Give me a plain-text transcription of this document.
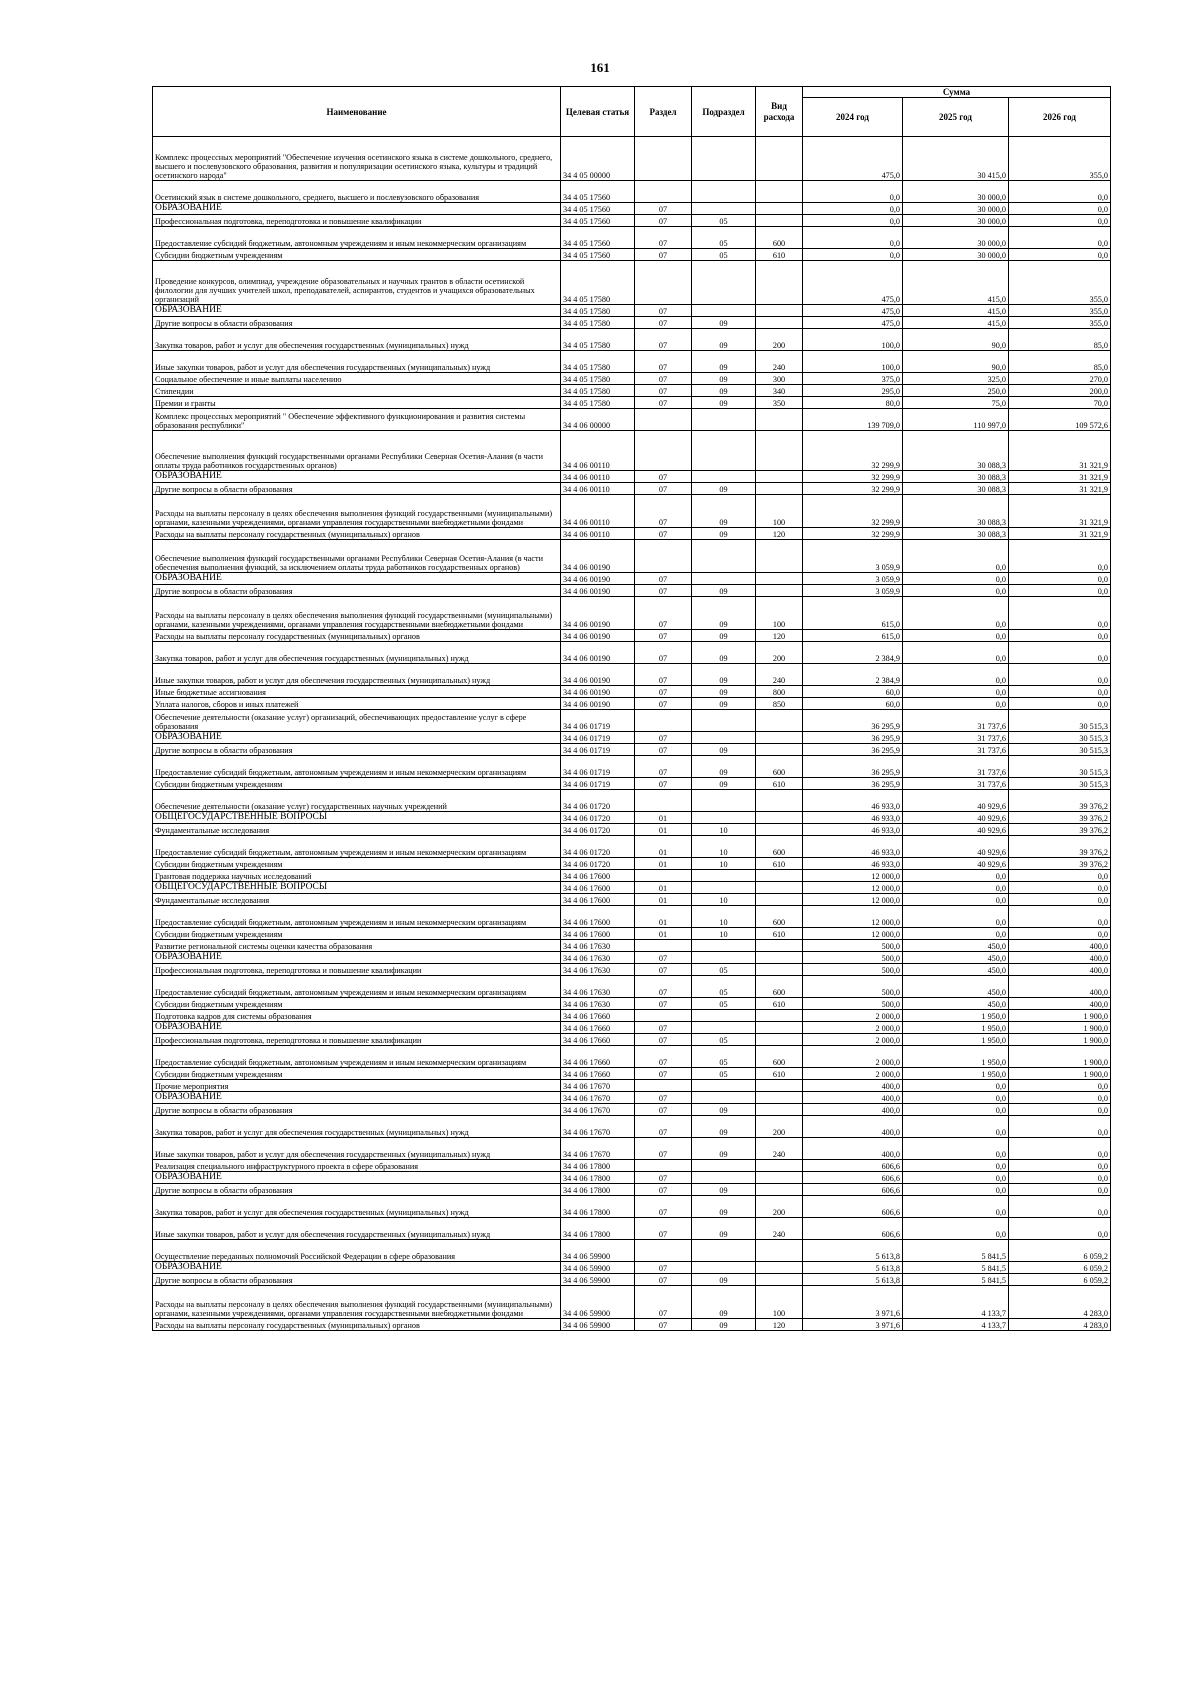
161
Наименование	Целевая статья	Раздел	Подраздел	Вид расхода	Сумма		
					2024 год	2025 год	2026 год
Комплекс процессных мероприятий "Обеспечение изучения осетинского языка в системе дошкольного, среднего, высшего и послевузовского образования, развития и популяризации осетинского языка, культуры и традиций осетинского народа"	34 4 05 00000				475,0	30 415,0	355,0
Осетинский язык в системе дошкольного, среднего, высшего и послевузовского образования	34 4 05 17560				0,0	30 000,0	0,0
ОБРАЗОВАНИЕ	34 4 05 17560	07			0,0	30 000,0	0,0
Профессиональная подготовка, переподготовка и повышение квалификации	34 4 05 17560	07	05		0,0	30 000,0	0,0
Предоставление субсидий бюджетным, автономным учреждениям и иным некоммерческим организациям	34 4 05 17560	07	05	600	0,0	30 000,0	0,0
Субсидии бюджетным учреждениям	34 4 05 17560	07	05	610	0,0	30 000,0	0,0
Проведение конкурсов, олимпиад, учреждение образовательных и научных грантов в области осетинской филологии для лучших учителей школ, преподавателей, аспирантов, студентов и учащихся образовательных организаций	34 4 05 17580				475,0	415,0	355,0
ОБРАЗОВАНИЕ	34 4 05 17580	07			475,0	415,0	355,0
Другие вопросы в области образования	34 4 05 17580	07	09		475,0	415,0	355,0
Закупка товаров, работ и услуг для обеспечения государственных (муниципальных) нужд	34 4 05 17580	07	09	200	100,0	90,0	85,0
Иные закупки товаров, работ и услуг для обеспечения государственных (муниципальных) нужд	34 4 05 17580	07	09	240	100,0	90,0	85,0
Социальное обеспечение и иные выплаты населению	34 4 05 17580	07	09	300	375,0	325,0	270,0
Стипендии	34 4 05 17580	07	09	340	295,0	250,0	200,0
Премии и гранты	34 4 05 17580	07	09	350	80,0	75,0	70,0
Комплекс процессных мероприятий " Обеспечение эффективного функционирования и развития системы образования республики"	34 4 06 00000				139 709,0	110 997,0	109 572,6
Обеспечение выполнения функций государственными органами Республики Северная Осетия-Алания (в части оплаты труда работников государственных органов)	34 4 06 00110				32 299,9	30 088,3	31 321,9
ОБРАЗОВАНИЕ	34 4 06 00110	07			32 299,9	30 088,3	31 321,9
Другие вопросы в области образования	34 4 06 00110	07	09		32 299,9	30 088,3	31 321,9
Расходы на выплаты персоналу в целях обеспечения выполнения функций государственными (муниципальными) органами, казенными учреждениями, органами управления государственными внебюджетными фондами	34 4 06 00110	07	09	100	32 299,9	30 088,3	31 321,9
Расходы на выплаты персоналу государственных (муниципальных) органов	34 4 06 00110	07	09	120	32 299,9	30 088,3	31 321,9
Обеспечение выполнения функций государственными органами Республики Северная Осетия-Алания (в части обеспечения выполнения функций, за исключением оплаты труда работников государственных органов)	34 4 06 00190				3 059,9	0,0	0,0
ОБРАЗОВАНИЕ	34 4 06 00190	07			3 059,9	0,0	0,0
Другие вопросы в области образования	34 4 06 00190	07	09		3 059,9	0,0	0,0
Расходы на выплаты персоналу в целях обеспечения выполнения функций государственными (муниципальными) органами, казенными учреждениями, органами управления государственными внебюджетными фондами	34 4 06 00190	07	09	100	615,0	0,0	0,0
Расходы на выплаты персоналу государственных (муниципальных) органов	34 4 06 00190	07	09	120	615,0	0,0	0,0
Закупка товаров, работ и услуг для обеспечения государственных (муниципальных) нужд	34 4 06 00190	07	09	200	2 384,9	0,0	0,0
Иные закупки товаров, работ и услуг для обеспечения государственных (муниципальных) нужд	34 4 06 00190	07	09	240	2 384,9	0,0	0,0
Иные бюджетные ассигнования	34 4 06 00190	07	09	800	60,0	0,0	0,0
Уплата налогов, сборов и иных платежей	34 4 06 00190	07	09	850	60,0	0,0	0,0
Обеспечение деятельности (оказание услуг) организаций, обеспечивающих предоставление услуг в сфере образования	34 4 06 01719				36 295,9	31 737,6	30 515,3
ОБРАЗОВАНИЕ	34 4 06 01719	07			36 295,9	31 737,6	30 515,3
Другие вопросы в области образования	34 4 06 01719	07	09		36 295,9	31 737,6	30 515,3
Предоставление субсидий бюджетным, автономным учреждениям и иным некоммерческим организациям	34 4 06 01719	07	09	600	36 295,9	31 737,6	30 515,3
Субсидии бюджетным учреждениям	34 4 06 01719	07	09	610	36 295,9	31 737,6	30 515,3
Обеспечение деятельности (оказание услуг) государственных научных учреждений	34 4 06 01720				46 933,0	40 929,6	39 376,2
ОБЩЕГОСУДАРСТВЕННЫЕ ВОПРОСЫ	34 4 06 01720	01			46 933,0	40 929,6	39 376,2
Фундаментальные исследования	34 4 06 01720	01	10		46 933,0	40 929,6	39 376,2
Предоставление субсидий бюджетным, автономным учреждениям и иным некоммерческим организациям	34 4 06 01720	01	10	600	46 933,0	40 929,6	39 376,2
Субсидии бюджетным учреждениям	34 4 06 01720	01	10	610	46 933,0	40 929,6	39 376,2
Грантовая поддержка научных исследований	34 4 06 17600				12 000,0	0,0	0,0
ОБЩЕГОСУДАРСТВЕННЫЕ ВОПРОСЫ	34 4 06 17600	01			12 000,0	0,0	0,0
Фундаментальные исследования	34 4 06 17600	01	10		12 000,0	0,0	0,0
Предоставление субсидий бюджетным, автономным учреждениям и иным некоммерческим организациям	34 4 06 17600	01	10	600	12 000,0	0,0	0,0
Субсидии бюджетным учреждениям	34 4 06 17600	01	10	610	12 000,0	0,0	0,0
Развитие региональной системы оценки качества образования	34 4 06 17630				500,0	450,0	400,0
ОБРАЗОВАНИЕ	34 4 06 17630	07			500,0	450,0	400,0
Профессиональная подготовка, переподготовка и повышение квалификации	34 4 06 17630	07	05		500,0	450,0	400,0
Предоставление субсидий бюджетным, автономным учреждениям и иным некоммерческим организациям	34 4 06 17630	07	05	600	500,0	450,0	400,0
Субсидии бюджетным учреждениям	34 4 06 17630	07	05	610	500,0	450,0	400,0
Подготовка кадров для системы образования	34 4 06 17660				2 000,0	1 950,0	1 900,0
ОБРАЗОВАНИЕ	34 4 06 17660	07			2 000,0	1 950,0	1 900,0
Профессиональная подготовка, переподготовка и повышение квалификации	34 4 06 17660	07	05		2 000,0	1 950,0	1 900,0
Предоставление субсидий бюджетным, автономным учреждениям и иным некоммерческим организациям	34 4 06 17660	07	05	600	2 000,0	1 950,0	1 900,0
Субсидии бюджетным учреждениям	34 4 06 17660	07	05	610	2 000,0	1 950,0	1 900,0
Прочие мероприятия	34 4 06 17670				400,0	0,0	0,0
ОБРАЗОВАНИЕ	34 4 06 17670	07			400,0	0,0	0,0
Другие вопросы в области образования	34 4 06 17670	07	09		400,0	0,0	0,0
Закупка товаров, работ и услуг для обеспечения государственных (муниципальных) нужд	34 4 06 17670	07	09	200	400,0	0,0	0,0
Иные закупки товаров, работ и услуг для обеспечения государственных (муниципальных) нужд	34 4 06 17670	07	09	240	400,0	0,0	0,0
Реализация специального инфраструктурного проекта в сфере образования	34 4 06 17800				606,6	0,0	0,0
ОБРАЗОВАНИЕ	34 4 06 17800	07			606,6	0,0	0,0
Другие вопросы в области образования	34 4 06 17800	07	09		606,6	0,0	0,0
Закупка товаров, работ и услуг для обеспечения государственных (муниципальных) нужд	34 4 06 17800	07	09	200	606,6	0,0	0,0
Иные закупки товаров, работ и услуг для обеспечения государственных (муниципальных) нужд	34 4 06 17800	07	09	240	606,6	0,0	0,0
Осуществление переданных полномочий Российской Федерации в сфере образования	34 4 06 59900				5 613,8	5 841,5	6 059,2
ОБРАЗОВАНИЕ	34 4 06 59900	07			5 613,8	5 841,5	6 059,2
Другие вопросы в области образования	34 4 06 59900	07	09		5 613,8	5 841,5	6 059,2
Расходы на выплаты персоналу в целях обеспечения выполнения функций государственными (муниципальными) органами, казенными учреждениями, органами управления государственными внебюджетными фондами	34 4 06 59900	07	09	100	3 971,6	4 133,7	4 283,0
Расходы на выплаты персоналу государственных (муниципальных) органов	34 4 06 59900	07	09	120	3 971,6	4 133,7	4 283,0
